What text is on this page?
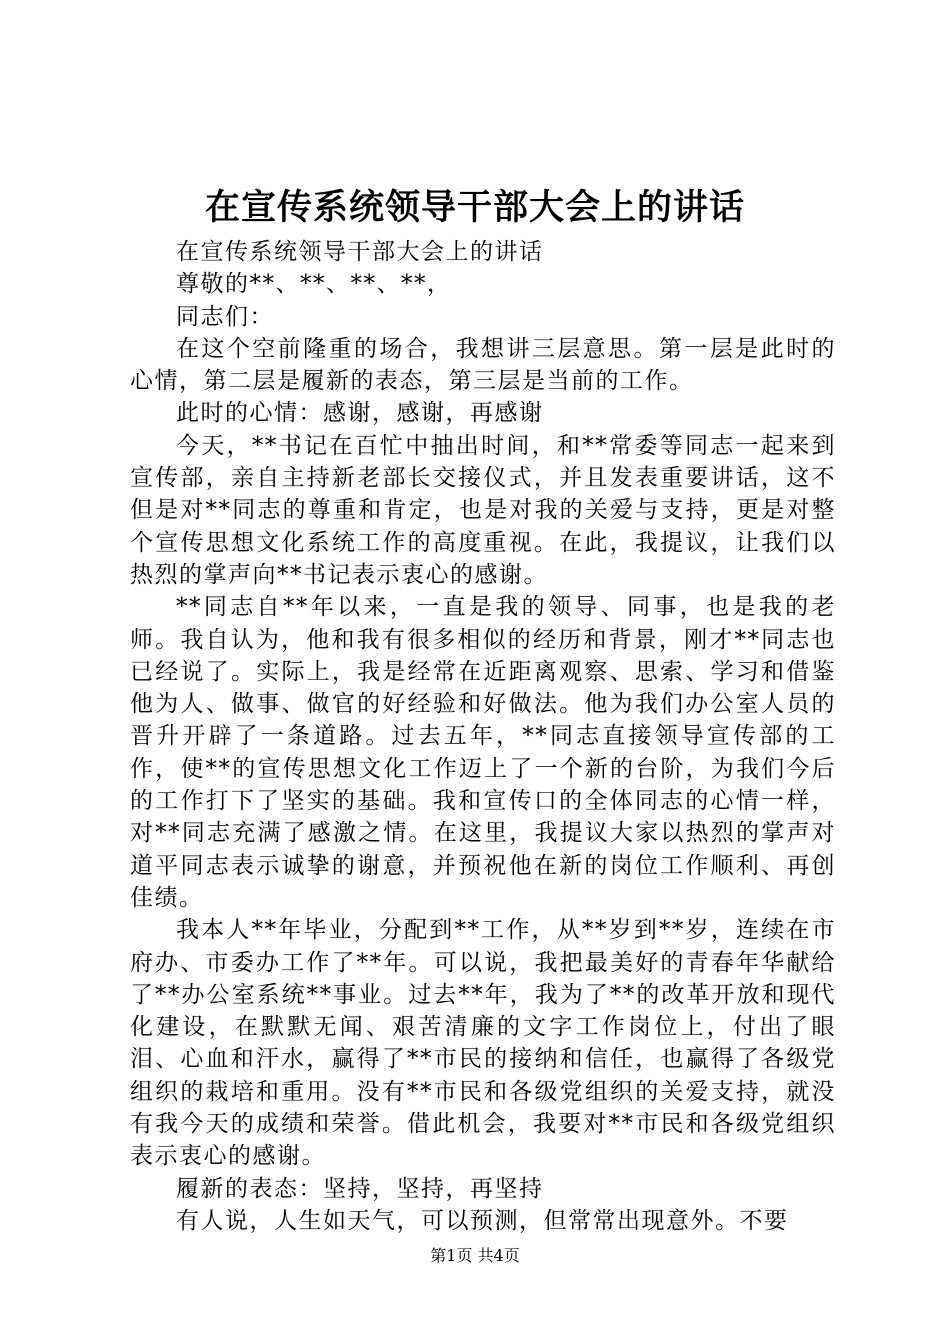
在宣传系统领导干部大会上的讲话

在宣传系统领导干部大会上的讲话

尊敬的**、**、**、**，

同志们：

在这个空前隆重的场合，我想讲三层意思。第一层是此时的心情，第二层是履新的表态，第三层是当前的工作。

此时的心情：感谢，感谢，再感谢

今天，**书记在百忙中抽出时间，和**常委等同志一起来到宣传部，亲自主持新老部长交接仪式，并且发表重要讲话，这不但是对**同志的尊重和肯定，也是对我的关爱与支持，更是对整个宣传思想文化系统工作的高度重视。在此，我提议，让我们以热烈的掌声向**书记表示衷心的感谢。

**同志自**年以来，一直是我的领导、同事，也是我的老师。我自认为，他和我有很多相似的经历和背景，刚才**同志也已经说了。实际上，我是经常在近距离观察、思索、学习和借鉴他为人、做事、做官的好经验和好做法。他为我们办公室人员的晋升开辟了一条道路。过去五年，**同志直接领导宣传部的工作，使**的宣传思想文化工作迈上了一个新的台阶，为我们今后的工作打下了坚实的基础。我和宣传口的全体同志的心情一样，对**同志充满了感激之情。在这里，我提议大家以热烈的掌声对道平同志表示诚挚的谢意，并预祝他在新的岗位工作顺利、再创佳绩。

我本人**年毕业，分配到**工作，从**岁到**岁，连续在市府办、市委办工作了**年。可以说，我把最美好的青春年华献给了**办公室系统**事业。过去**年，我为了**的改革开放和现代化建设，在默默无闻、艰苦清廉的文字工作岗位上，付出了眼泪、心血和汗水，赢得了**市民的接纳和信任，也赢得了各级党组织的栽培和重用。没有**市民和各级党组织的关爱支持，就没有我今天的成绩和荣誉。借此机会，我要对**市民和各级党组织表示衷心的感谢。

履新的表态：坚持，坚持，再坚持

有人说，人生如天气，可以预测，但常常出现意外。不要

第1页 共4页
